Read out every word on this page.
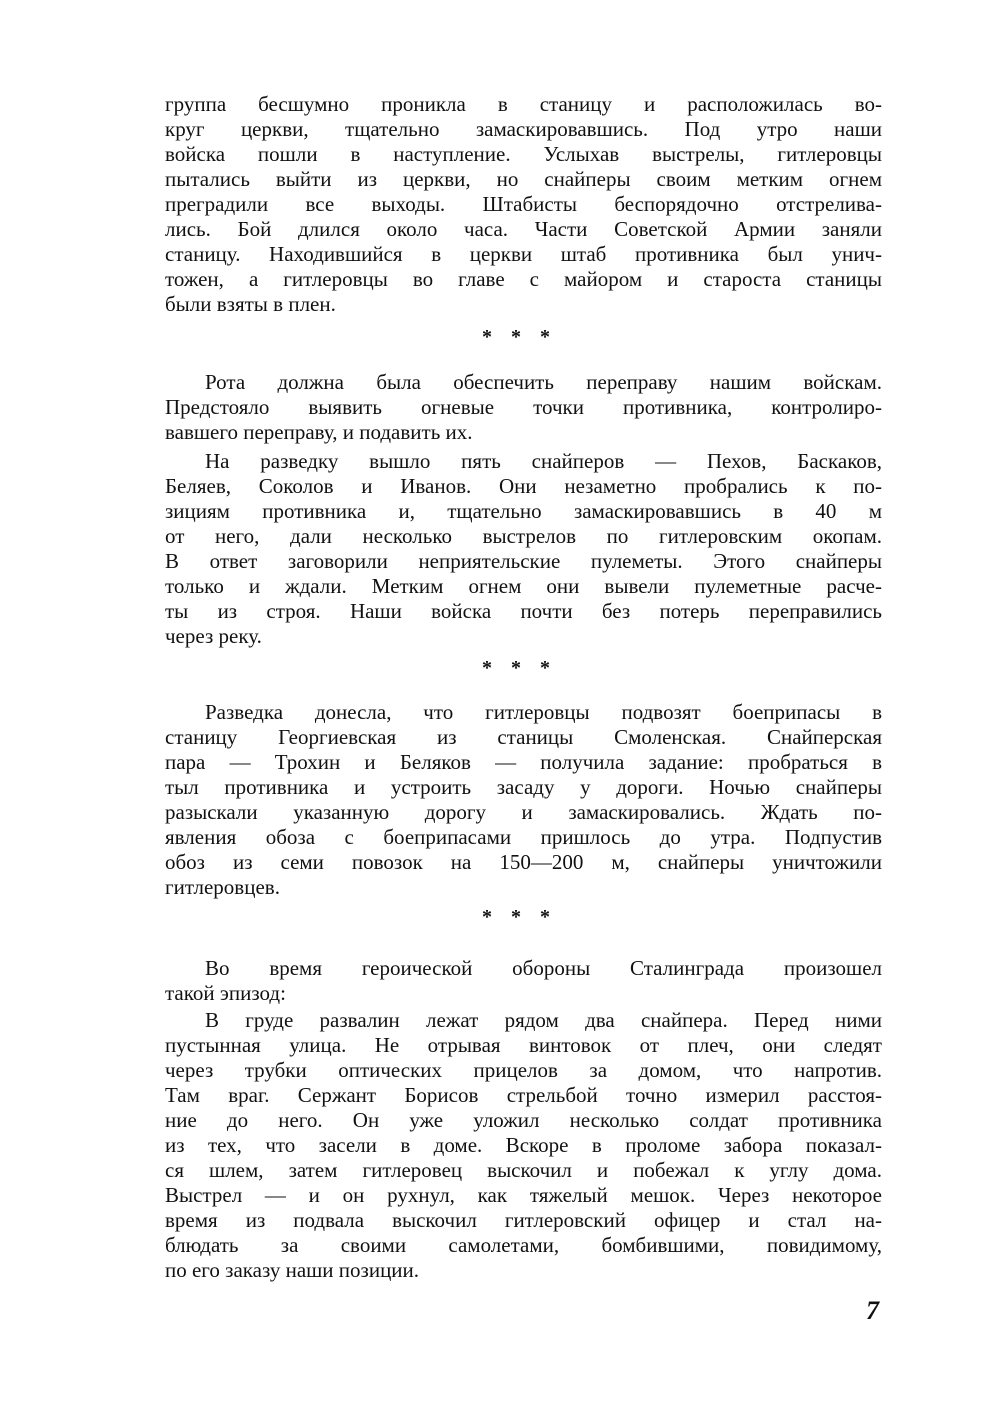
группа бесшумно проникла в станицу и расположилась во-
круг церкви, тщательно замаскировавшись. Под утро наши
войска пошли в наступление. Услыхав выстрелы, гитлеровцы
пытались выйти из церкви, но снайперы своим метким огнем
преградили все выходы. Штабисты беспорядочно отстрелива-
лись. Бой длился около часа. Части Советской Армии заняли
станицу. Находившийся в церкви штаб противника был унич-
тожен, а гитлеровцы во главе с майором и староста станицы
были взяты в плен.
* * *
Рота должна была обеспечить переправу нашим войскам.
Предстояло выявить огневые точки противника, контролиро-
вавшего переправу, и подавить их.
На разведку вышло пять снайперов — Пехов, Баскаков,
Беляев, Соколов и Иванов. Они незаметно пробрались к по-
зициям противника и, тщательно замаскировавшись в 40 м
от него, дали несколько выстрелов по гитлеровским окопам.
В ответ заговорили неприятельские пулеметы. Этого снайперы
только и ждали. Метким огнем они вывели пулеметные расче-
ты из строя. Наши войска почти без потерь переправились
через реку.
* * *
Разведка донесла, что гитлеровцы подвозят боеприпасы в
станицу Георгиевская из станицы Смоленская. Снайперская
пара — Трохин и Беляков — получила задание: пробраться в
тыл противника и устроить засаду у дороги. Ночью снайперы
разыскали указанную дорогу и замаскировались. Ждать по-
явления обоза с боеприпасами пришлось до утра. Подпустив
обоз из семи повозок на 150—200 м, снайперы уничтожили
гитлеровцев.
* * *
Во время героической обороны Сталинграда произошел
такой эпизод:
В груде развалин лежат рядом два снайпера. Перед ними
пустынная улица. Не отрывая винтовок от плеч, они следят
через трубки оптических прицелов за домом, что напротив.
Там враг. Сержант Борисов стрельбой точно измерил расстоя-
ние до него. Он уже уложил несколько солдат противника
из тех, что засели в доме. Вскоре в проломе забора показал-
ся шлем, затем гитлеровец выскочил и побежал к углу дома.
Выстрел — и он рухнул, как тяжелый мешок. Через некоторое
время из подвала выскочил гитлеровский офицер и стал на-
блюдать за своими самолетами, бомбившими, повидимому,
по его заказу наши позиции.
7
